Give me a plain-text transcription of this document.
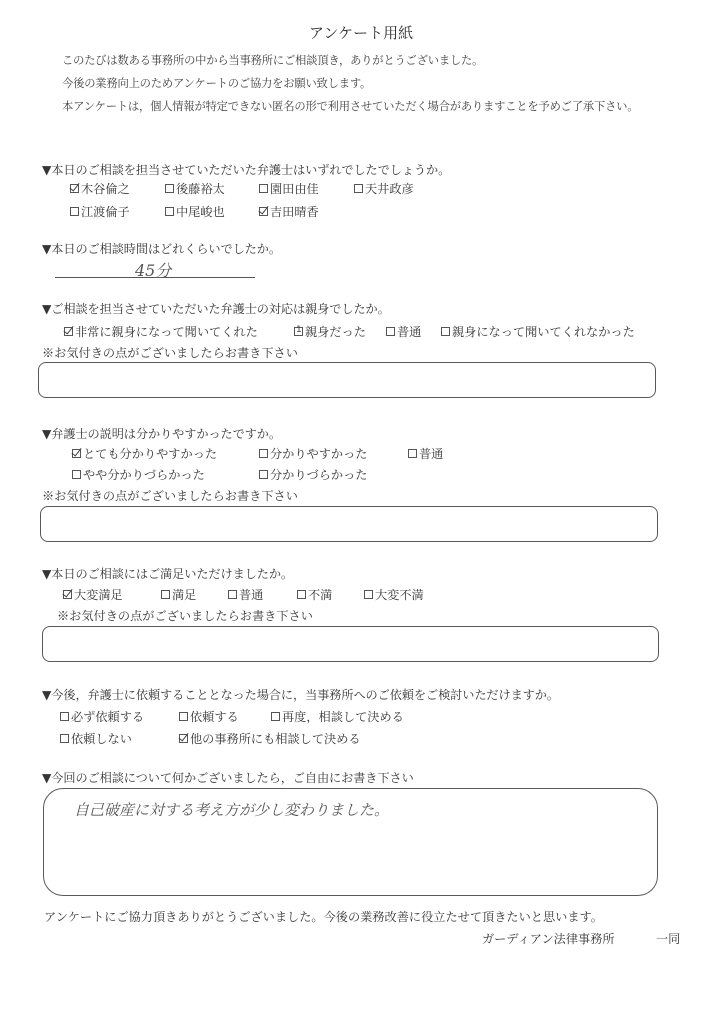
アンケート用紙
このたびは数ある事務所の中から当事務所にご相談頂き，ありがとうございました。
今後の業務向上のためアンケートのご協力をお願い致します。
本アンケートは，個人情報が特定できない匿名の形で利用させていただく場合がありますことを予めご了承下さい。
▼本日のご相談を担当させていただいた弁護士はいずれでしたでしょうか。
木谷倫之	後藤裕太	園田由佳	天井政彦
江渡倫子	中尾峻也	吉田晴香
▼本日のご相談時間はどれくらいでしたか。
45分
▼ご相談を担当させていただいた弁護士の対応は親身でしたか。
非常に親身になって聞いてくれた 1	親身だった	普通	親身になって聞いてくれなかった
※お気付きの点がございましたらお書き下さい
▼弁護士の説明は分かりやすかったですか。
とても分かりやすかった	分かりやすかった	普通
やや分かりづらかった	分かりづらかった
※お気付きの点がございましたらお書き下さい
▼本日のご相談にはご満足いただけましたか。
大変満足	満足	普通	不満	大変不満
※お気付きの点がございましたらお書き下さい
▼今後，弁護士に依頼することとなった場合に，当事務所へのご依頼をご検討いただけますか。
必ず依頼する	依頼する	再度，相談して決める
依頼しない	他の事務所にも相談して決める
▼今回のご相談について何かございましたら，ご自由にお書き下さい
自己破産に対する考え方が少し変わりました。
アンケートにご協力頂きありがとうございました。今後の業務改善に役立たせて頂きたいと思います。
ガーディアン法律事務所	一同
